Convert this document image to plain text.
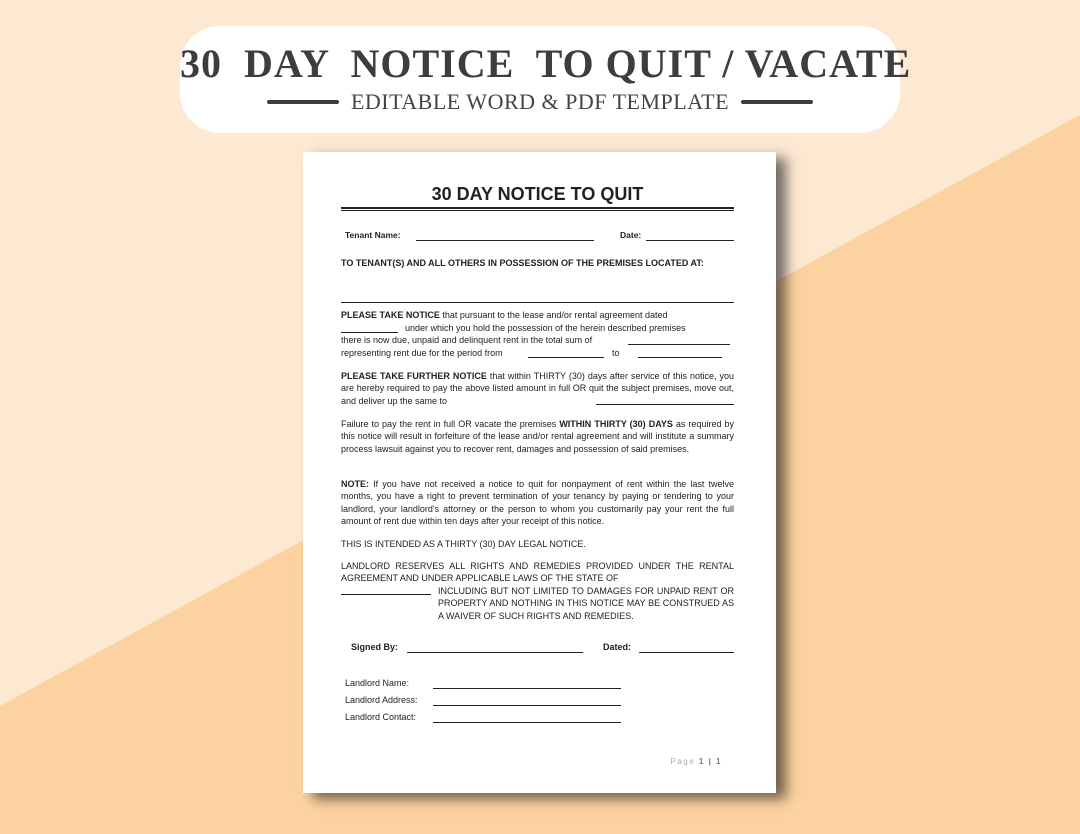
30  DAY  NOTICE  TO QUIT / VACATE
EDITABLE WORD & PDF TEMPLATE
30 DAY NOTICE TO QUIT
Tenant Name:	Date:
TO TENANT(S) AND ALL OTHERS IN POSSESSION OF THE PREMISES LOCATED AT:
PLEASE TAKE NOTICE that pursuant to the lease and/or rental agreement dated
under which you hold the possession of the herein described premises
there is now due, unpaid and delinquent rent in the total sum of
representing rent due for the period from	to
PLEASE TAKE FURTHER NOTICE that within THIRTY (30) days after service of this notice, you are hereby required to pay the above listed amount in full OR quit the subject premises, move out, and deliver up the same to
Failure to pay the rent in full OR vacate the premises WITHIN THIRTY (30) DAYS as required by this notice will result in forfeiture of the lease and/or rental agreement and will institute a summary process lawsuit against you to recover rent, damages and possession of said premises.
NOTE: If you have not received a notice to quit for nonpayment of rent within the last twelve months, you have a right to prevent termination of your tenancy by paying or tendering to your landlord, your landlord's attorney or the person to whom you customarily pay your rent the full amount of rent due within ten days after your receipt of this notice.
THIS IS INTENDED AS A THIRTY (30) DAY LEGAL NOTICE.
LANDLORD RESERVES ALL RIGHTS AND REMEDIES PROVIDED UNDER THE RENTAL AGREEMENT AND UNDER APPLICABLE LAWS OF THE STATE OF
INCLUDING BUT NOT LIMITED TO DAMAGES FOR UNPAID RENT OR PROPERTY AND NOTHING IN THIS NOTICE MAY BE CONSTRUED AS A WAIVER OF SUCH RIGHTS AND REMEDIES.
Signed By:	Dated:
Landlord Name:
Landlord Address:
Landlord Contact:
Page 1 | 1
